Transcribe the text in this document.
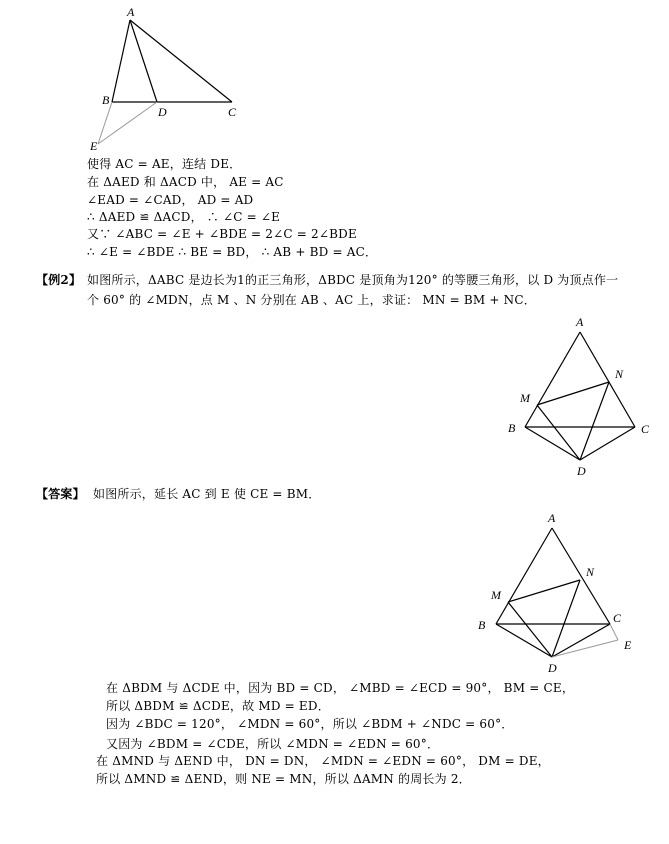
A
B
D	C
E
使得 AC = AE，连结 DE．
在 ΔAED 和 ΔACD 中， AE = AC
∠EAD = ∠CAD， AD = AD
∴ ΔAED ≌ ΔACD， ∴ ∠C = ∠E
又∵ ∠ABC = ∠E + ∠BDE = 2∠C = 2∠BDE
∴ ∠E = ∠BDE ∴ BE = BD， ∴ AB + BD = AC．
【例2】 如图所示，ΔABC 是边长为1的正三角形，ΔBDC 是顶角为120° 的等腰三角形，以 D 为顶点作一
个 60° 的 ∠MDN，点 M 、N 分别在 AB 、AC 上，求证： MN = BM + NC．
A
N
M
B	C
D
【答案】 如图所示，延长 AC 到 E 使 CE = BM．
A
N
M
B	C
E
D
在 ΔBDM 与 ΔCDE 中，因为 BD = CD， ∠MBD = ∠ECD = 90°， BM = CE，
所以 ΔBDM ≌ ΔCDE，故 MD = ED．
因为 ∠BDC = 120°， ∠MDN = 60°，所以 ∠BDM + ∠NDC = 60°．
又因为 ∠BDM = ∠CDE，所以 ∠MDN = ∠EDN = 60°．
在 ΔMND 与 ΔEND 中， DN = DN， ∠MDN = ∠EDN = 60°， DM = DE，
所以 ΔMND ≌ ΔEND，则 NE = MN，所以 ΔAMN 的周长为 2．
